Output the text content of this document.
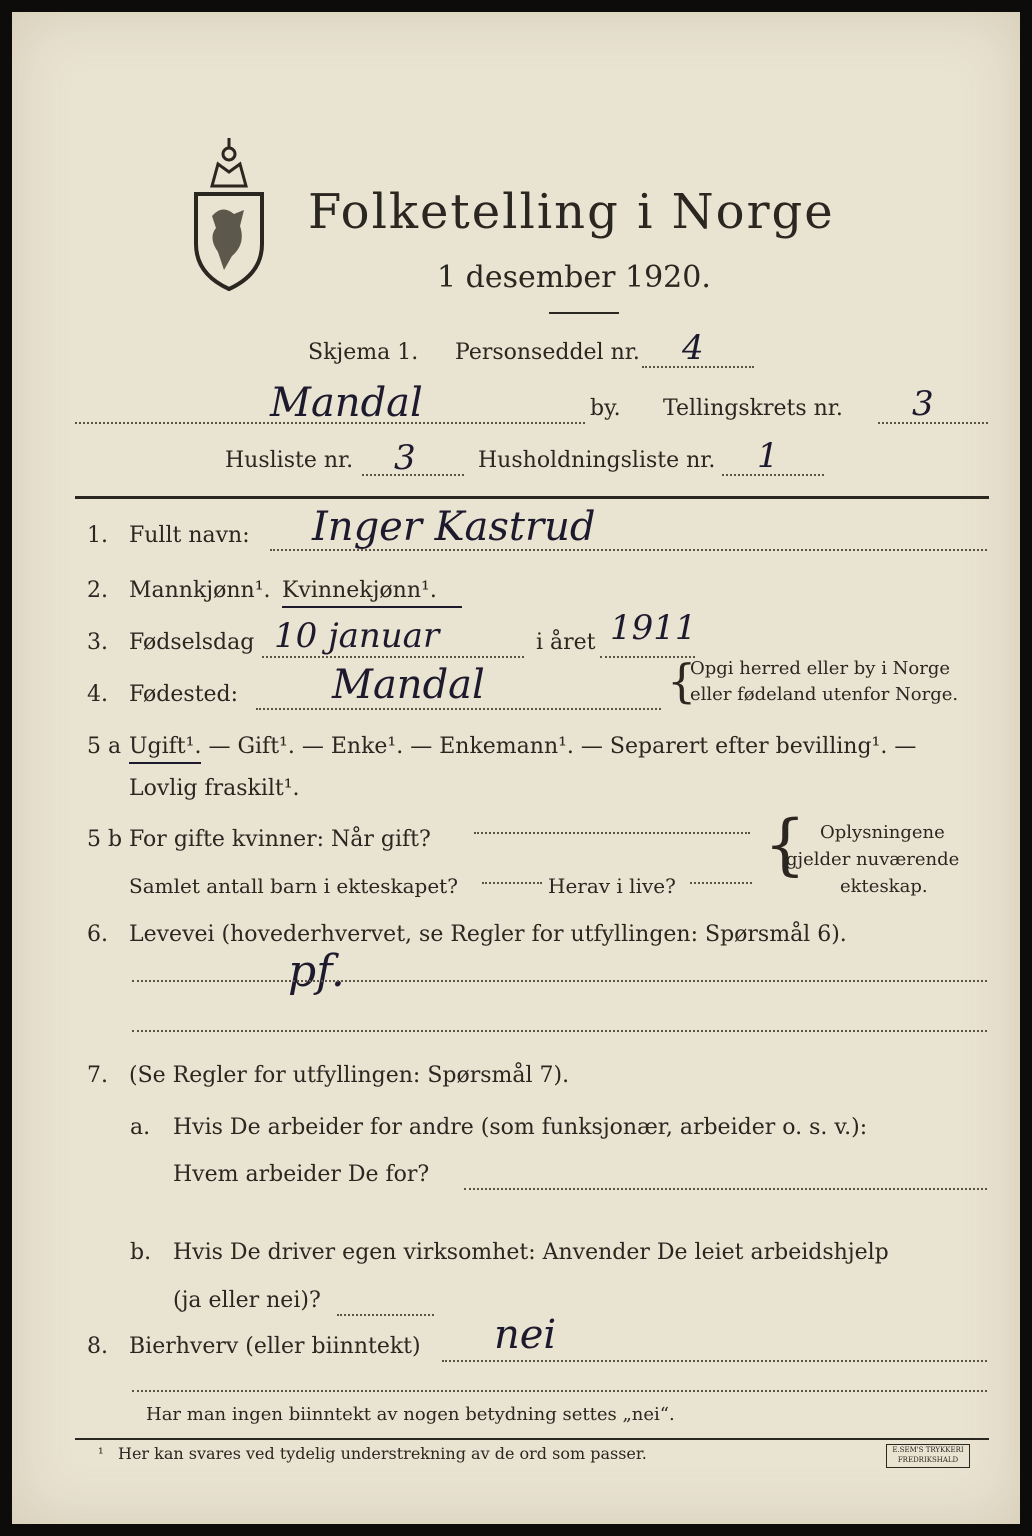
Folketelling i Norge
1 desember 1920.
Skjema 1. Personseddel nr. 4
Mandal	by. Tellingskrets nr. 3
Husliste nr. 3	Husholdningsliste nr. 1
1. Fullt navn: Inger Kastrud
2. Mannkjønn¹. Kvinnekjønn¹.
3. Fødselsdag 10 januar	i året 1911
4. Fødested: Mandal	{
Opgi herred eller by i Norge
eller fødeland utenfor Norge.
5 a Ugift¹. — Gift¹. — Enke¹. — Enkemann¹. — Separert efter bevilling¹. —
Lovlig fraskilt¹.
5 b For gifte kvinner: Når gift?
Samlet antall barn i ekteskapet?	Herav i live?
{ Oplysningene
gjelder nuværende
ekteskap.
6. Levevei (hovederhvervet, se Regler for utfyllingen: Spørsmål 6).
pf.
7. (Se Regler for utfyllingen: Spørsmål 7).
a. Hvis De arbeider for andre (som funksjonær, arbeider o. s. v.):
Hvem arbeider De for?
b. Hvis De driver egen virksomhet: Anvender De leiet arbeidshjelp
(ja eller nei)?
8. Bierhverv (eller biinntekt) nei
Har man ingen biinntekt av nogen betydning settes „nei“.
¹ Her kan svares ved tydelig understrekning av de ord som passer.	E.SEM'S TRYKKERI
FREDRIKSHALD
